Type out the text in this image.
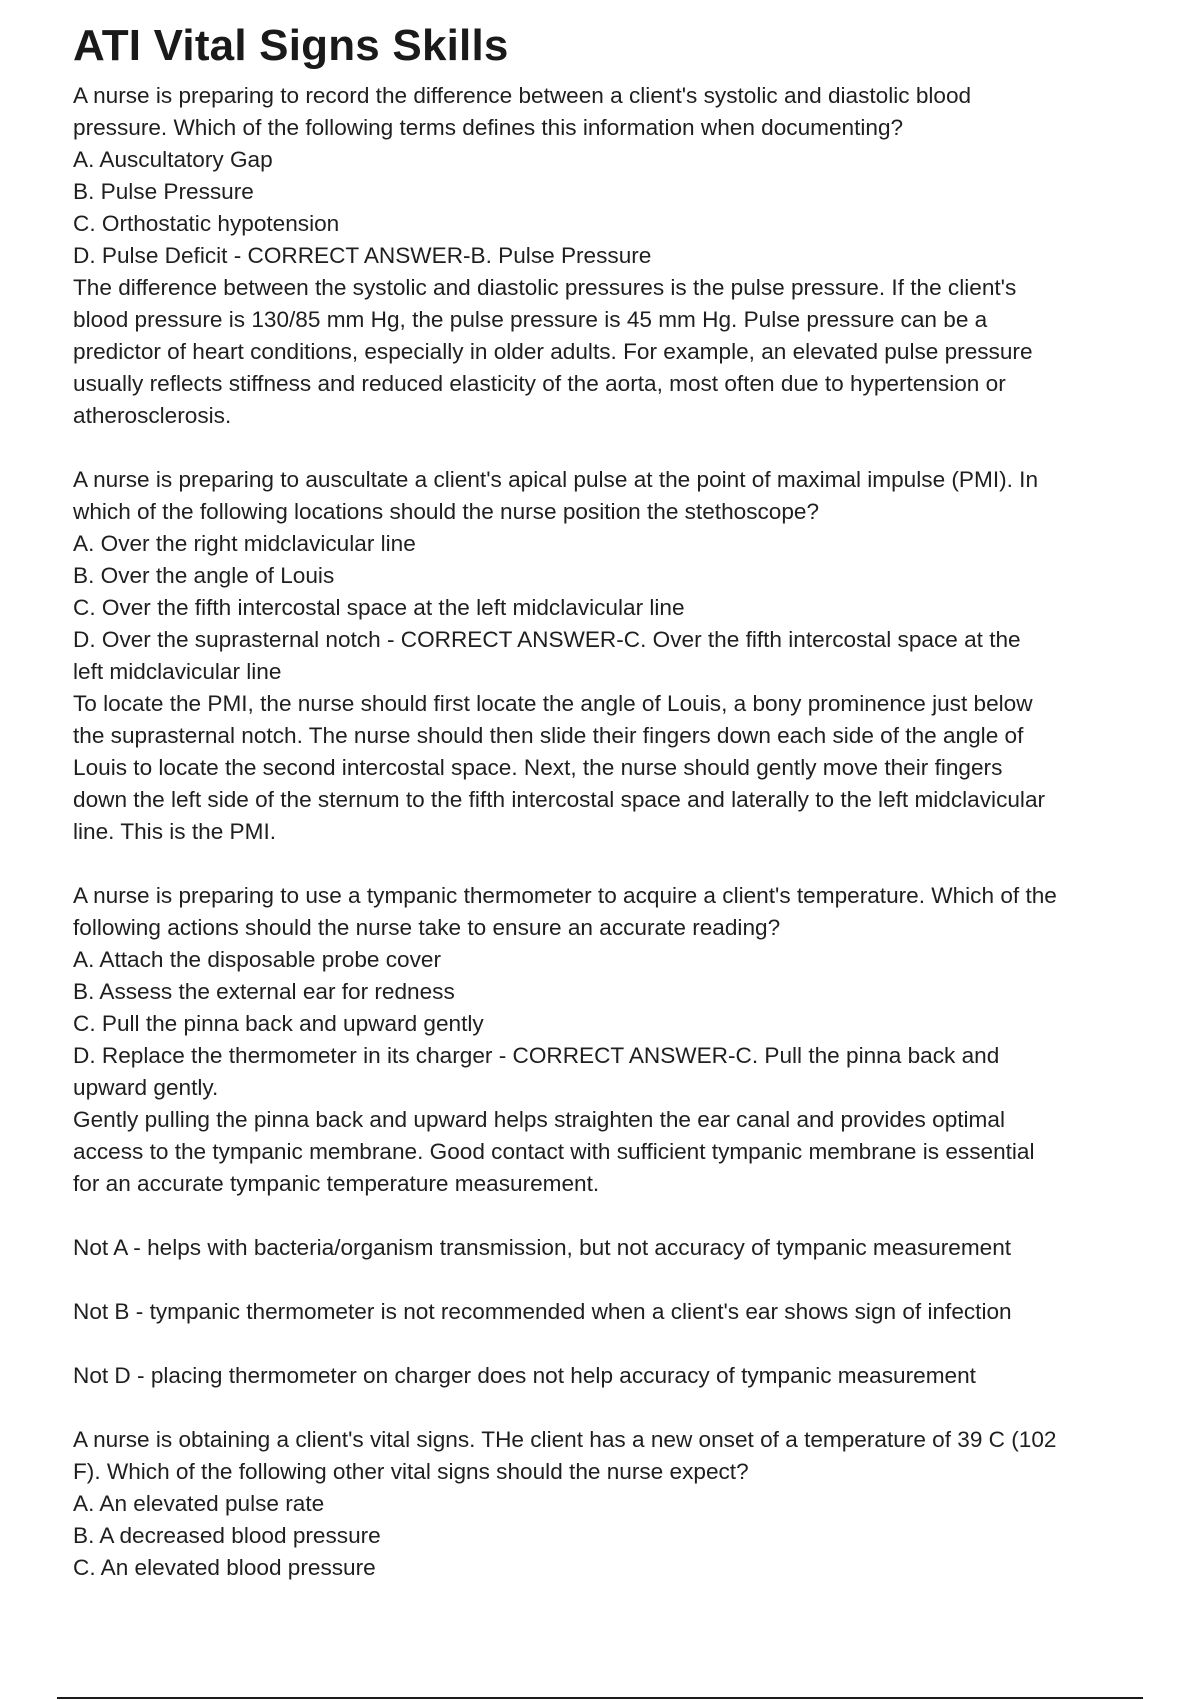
ATI Vital Signs Skills
A nurse is preparing to record the difference between a client's systolic and diastolic blood
pressure. Which of the following terms defines this information when documenting?
A. Auscultatory Gap
B. Pulse Pressure
C. Orthostatic hypotension
D. Pulse Deficit - CORRECT ANSWER-B. Pulse Pressure
The difference between the systolic and diastolic pressures is the pulse pressure. If the client's
blood pressure is 130/85 mm Hg, the pulse pressure is 45 mm Hg. Pulse pressure can be a
predictor of heart conditions, especially in older adults. For example, an elevated pulse pressure
usually reflects stiffness and reduced elasticity of the aorta, most often due to hypertension or
atherosclerosis.
A nurse is preparing to auscultate a client's apical pulse at the point of maximal impulse (PMI). In
which of the following locations should the nurse position the stethoscope?
A. Over the right midclavicular line
B. Over the angle of Louis
C. Over the fifth intercostal space at the left midclavicular line
D. Over the suprasternal notch - CORRECT ANSWER-C. Over the fifth intercostal space at the
left midclavicular line
To locate the PMI, the nurse should first locate the angle of Louis, a bony prominence just below
the suprasternal notch. The nurse should then slide their fingers down each side of the angle of
Louis to locate the second intercostal space. Next, the nurse should gently move their fingers
down the left side of the sternum to the fifth intercostal space and laterally to the left midclavicular
line. This is the PMI.
A nurse is preparing to use a tympanic thermometer to acquire a client's temperature. Which of the
following actions should the nurse take to ensure an accurate reading?
A. Attach the disposable probe cover
B. Assess the external ear for redness
C. Pull the pinna back and upward gently
D. Replace the thermometer in its charger - CORRECT ANSWER-C. Pull the pinna back and
upward gently.
Gently pulling the pinna back and upward helps straighten the ear canal and provides optimal
access to the tympanic membrane. Good contact with sufficient tympanic membrane is essential
for an accurate tympanic temperature measurement.
Not A - helps with bacteria/organism transmission, but not accuracy of tympanic measurement
Not B - tympanic thermometer is not recommended when a client's ear shows sign of infection
Not D - placing thermometer on charger does not help accuracy of tympanic measurement
A nurse is obtaining a client's vital signs. THe client has a new onset of a temperature of 39 C (102
F). Which of the following other vital signs should the nurse expect?
A. An elevated pulse rate
B. A decreased blood pressure
C. An elevated blood pressure
